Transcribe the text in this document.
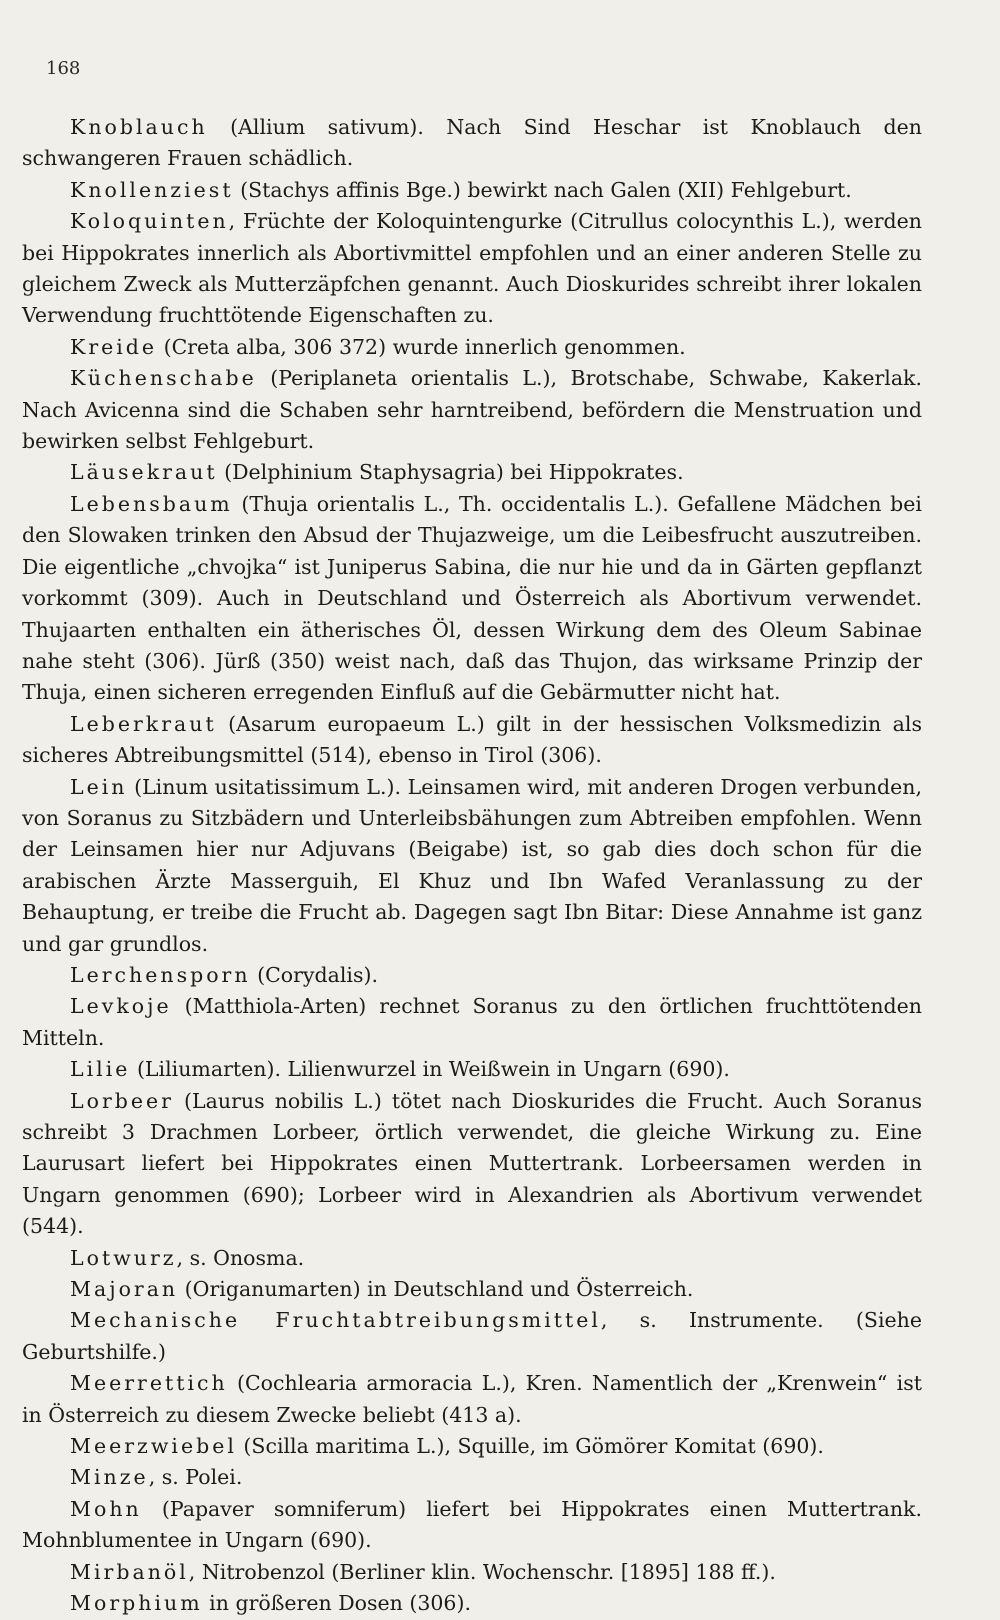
168

Knoblauch (Allium sativum). Nach Sind Heschar ist Knoblauch den schwangeren Frauen schädlich.

Knollenziest (Stachys affinis Bge.) bewirkt nach Galen (XII) Fehlgeburt.

Koloquinten, Früchte der Koloquintengurke (Citrullus colocynthis L.), werden bei Hippokrates innerlich als Abortivmittel empfohlen und an einer anderen Stelle zu gleichem Zweck als Mutterzäpfchen genannt. Auch Dioskurides schreibt ihrer lokalen Verwendung fruchttötende Eigenschaften zu.

Kreide (Creta alba, 306 372) wurde innerlich genommen.

Küchenschabe (Periplaneta orientalis L.), Brotschabe, Schwabe, Kakerlak. Nach Avicenna sind die Schaben sehr harntreibend, befördern die Menstruation und bewirken selbst Fehlgeburt.

Läusekraut (Delphinium Staphysagria) bei Hippokrates.

Lebensbaum (Thuja orientalis L., Th. occidentalis L.). Gefallene Mädchen bei den Slowaken trinken den Absud der Thujazweige, um die Leibesfrucht auszutreiben. Die eigentliche „chvojka“ ist Juniperus Sabina, die nur hie und da in Gärten gepflanzt vorkommt (309). Auch in Deutschland und Österreich als Abortivum verwendet. Thujaarten enthalten ein ätherisches Öl, dessen Wirkung dem des Oleum Sabinae nahe steht (306). Jürß (350) weist nach, daß das Thujon, das wirksame Prinzip der Thuja, einen sicheren erregenden Einfluß auf die Gebärmutter nicht hat.

Leberkraut (Asarum europaeum L.) gilt in der hessischen Volksmedizin als sicheres Abtreibungsmittel (514), ebenso in Tirol (306).

Lein (Linum usitatissimum L.). Leinsamen wird, mit anderen Drogen verbunden, von Soranus zu Sitzbädern und Unterleibsbähungen zum Abtreiben empfohlen. Wenn der Leinsamen hier nur Adjuvans (Beigabe) ist, so gab dies doch schon für die arabischen Ärzte Masserguih, El Khuz und Ibn Wafed Veranlassung zu der Behauptung, er treibe die Frucht ab. Dagegen sagt Ibn Bitar: Diese Annahme ist ganz und gar grundlos.

Lerchensporn (Corydalis).

Levkoje (Matthiola-Arten) rechnet Soranus zu den örtlichen fruchttötenden Mitteln.

Lilie (Liliumarten). Lilienwurzel in Weißwein in Ungarn (690).

Lorbeer (Laurus nobilis L.) tötet nach Dioskurides die Frucht. Auch Soranus schreibt 3 Drachmen Lorbeer, örtlich verwendet, die gleiche Wirkung zu. Eine Laurusart liefert bei Hippokrates einen Muttertrank. Lorbeersamen werden in Ungarn genommen (690); Lorbeer wird in Alexandrien als Abortivum verwendet (544).

Lotwurz, s. Onosma.

Majoran (Origanumarten) in Deutschland und Österreich.

Mechanische Fruchtabtreibungsmittel, s. Instrumente. (Siehe Geburtshilfe.)

Meerrettich (Cochlearia armoracia L.), Kren. Namentlich der „Krenwein“ ist in Österreich zu diesem Zwecke beliebt (413 a).

Meerzwiebel (Scilla maritima L.), Squille, im Gömörer Komitat (690).

Minze, s. Polei.

Mohn (Papaver somniferum) liefert bei Hippokrates einen Muttertrank. Mohnblumentee in Ungarn (690).

Mirbanöl, Nitrobenzol (Berliner klin. Wochenschr. [1895] 188 ff.).

Morphium in größeren Dosen (306).
